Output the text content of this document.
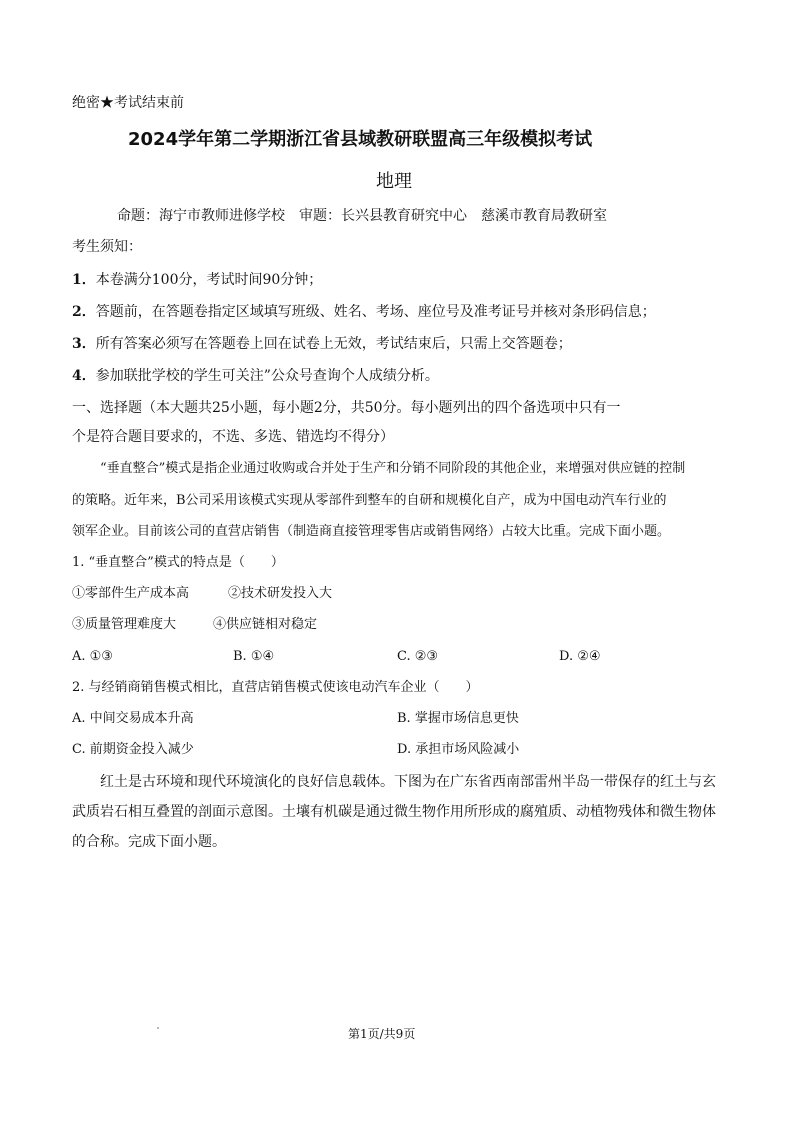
绝密★考试结束前
2024学年第二学期浙江省县域教研联盟高三年级模拟考试
地理
命题：海宁市教师进修学校　审题：长兴县教育研究中心　慈溪市教育局教研室
考生须知：
1．本卷满分100分，考试时间90分钟；
2．答题前，在答题卷指定区域填写班级、姓名、考场、座位号及准考证号并核对条形码信息；
3．所有答案必须写在答题卷上回在试卷上无效，考试结束后，只需上交答题卷；
4．参加联批学校的学生可关注”公众号查询个人成绩分析。
一、选择题（本大题共25小题，每小题2分，共50分。每小题列出的四个备选项中只有一
个是符合题目要求的，不选、多选、错选均不得分）
“垂直整合”模式是指企业通过收购或合并处于生产和分销不同阶段的其他企业，来增强对供应链的控制
的策略。近年来，B公司采用该模式实现从零部件到整车的自研和规模化自产，成为中国电动汽车行业的
领军企业。目前该公司的直营店销售（制造商直接管理零售店或销售网络）占较大比重。完成下面小题。
1. “垂直整合”模式的特点是（　　）
①零部件生产成本高	②技术研发投入大
③质量管理难度大	④供应链相对稳定
A. ①③	B. ①④	C. ②③	D. ②④
2. 与经销商销售模式相比，直营店销售模式使该电动汽车企业（　　）
A. 中间交易成本升高	B. 掌握市场信息更快
C. 前期资金投入减少	D. 承担市场风险减小
红土是古环境和现代环境演化的良好信息载体。下图为在广东省西南部雷州半岛一带保存的红土与玄
武质岩石相互叠置的剖面示意图。土壤有机碳是通过微生物作用所形成的腐殖质、动植物残体和微生物体
的合称。完成下面小题。
第1页/共9页
